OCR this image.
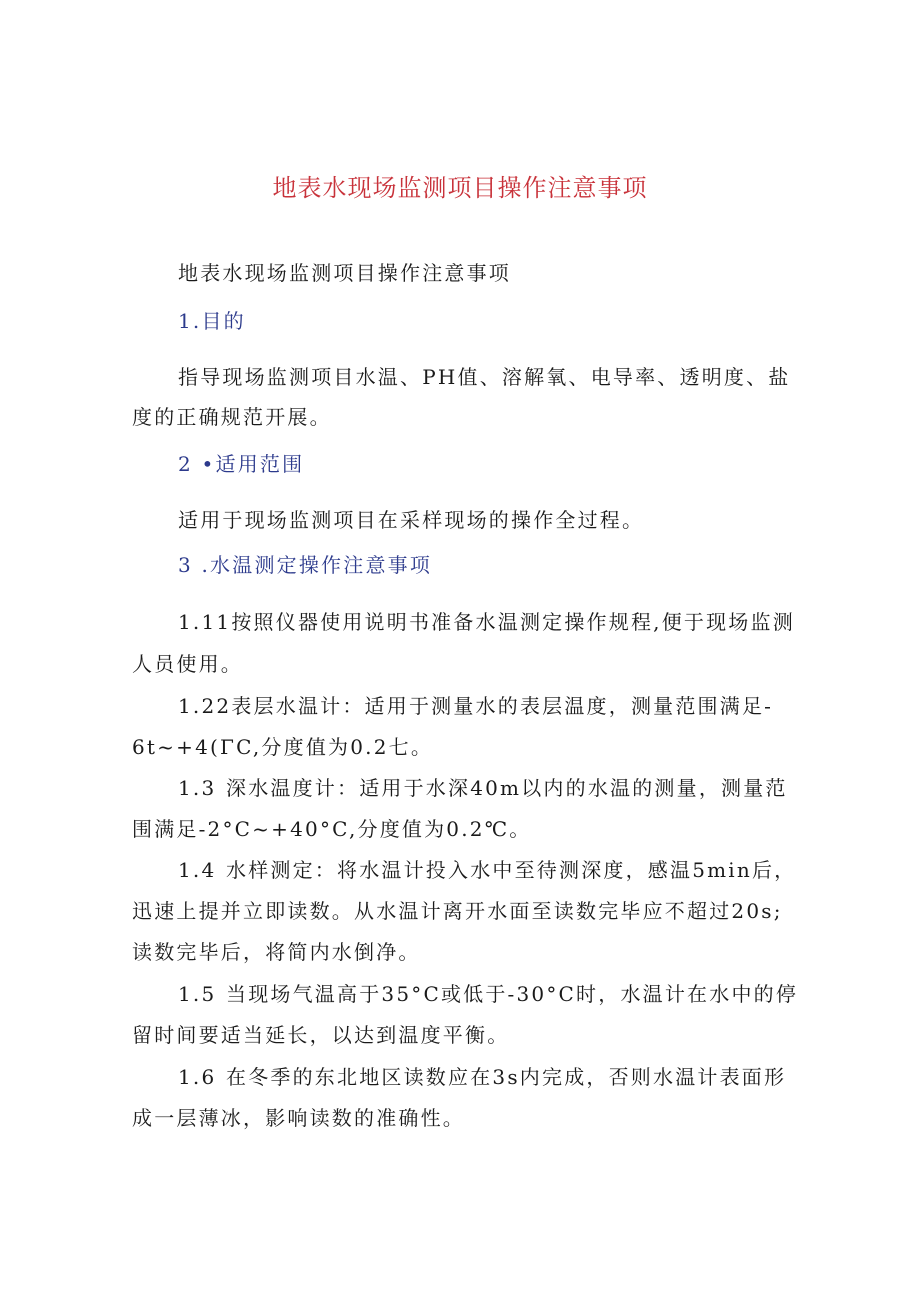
地表水现场监测项目操作注意事项
地表水现场监测项目操作注意事项
1.目的
指导现场监测项目水温、PH值、溶解氧、电导率、透明度、盐
度的正确规范开展。
2 •适用范围
适用于现场监测项目在采样现场的操作全过程。
3 .水温测定操作注意事项
1.11按照仪器使用说明书准备水温测定操作规程,便于现场监测
人员使用。
1.22表层水温计：适用于测量水的表层温度，测量范围满足-
6t~+4(ΓC,分度值为0.2七。
1.3 深水温度计：适用于水深40m以内的水温的测量，测量范
围满足-2°C~+40°C,分度值为0.2℃。
1.4 水样测定：将水温计投入水中至待测深度，感温5min后，
迅速上提并立即读数。从水温计离开水面至读数完毕应不超过20s;
读数完毕后，将简内水倒净。
1.5 当现场气温高于35°C或低于-30°C时，水温计在水中的停
留时间要适当延长，以达到温度平衡。
1.6 在冬季的东北地区读数应在3s内完成，否则水温计表面形
成一层薄冰，影响读数的准确性。
